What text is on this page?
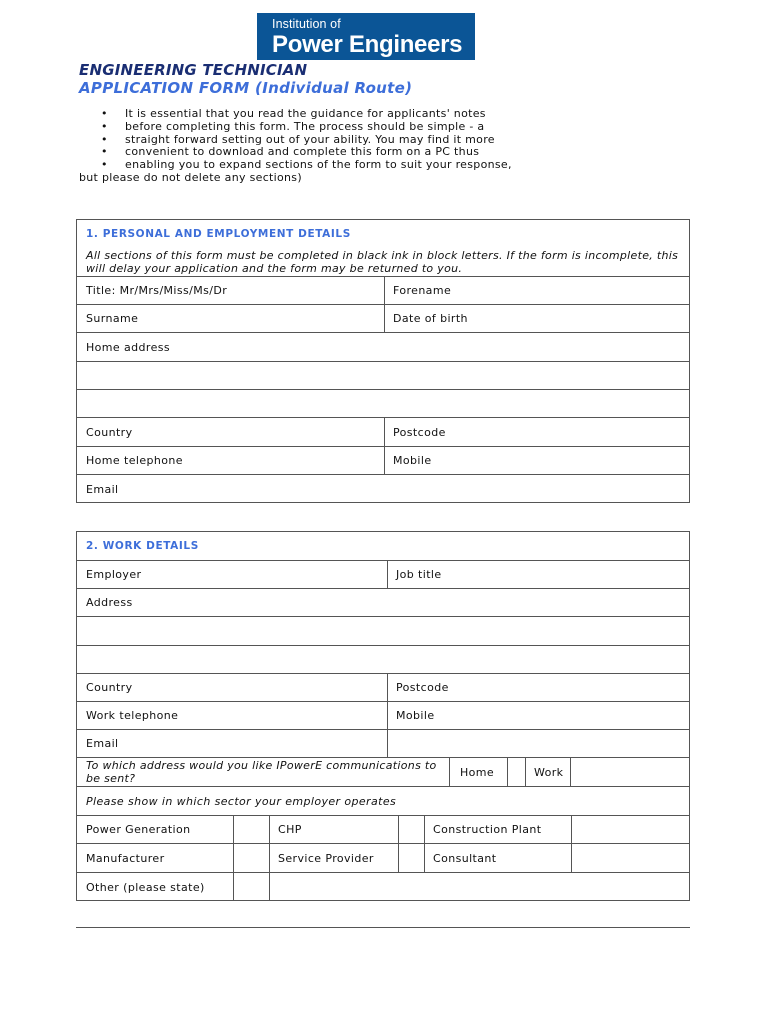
Institution of
Power Engineers
ENGINEERING TECHNICIAN
APPLICATION FORM (Individual Route)
• It is essential that you read the guidance for applicants' notes
• before completing this form. The process should be simple - a
• straight forward setting out of your ability. You may find it more
• convenient to download and complete this form on a PC thus
• enabling you to expand sections of the form to suit your response,
but please do not delete any sections)
1. PERSONAL AND EMPLOYMENT DETAILS
All sections of this form must be completed in black ink in block letters. If the form is incomplete, this
will delay your application and the form may be returned to you.
Title: Mr/Mrs/Miss/Ms/Dr	Forename
Surname	Date of birth
Home address
Country	Postcode
Home telephone	Mobile
Email
2. WORK DETAILS
Employer	Job title
Address
Country	Postcode
Work telephone	Mobile
Email
To which address would you like IPowerE communications to
be sent?	Home	Work
Please show in which sector your employer operates
Power Generation	CHP	Construction Plant
Manufacturer	Service Provider	Consultant
Other (please state)
